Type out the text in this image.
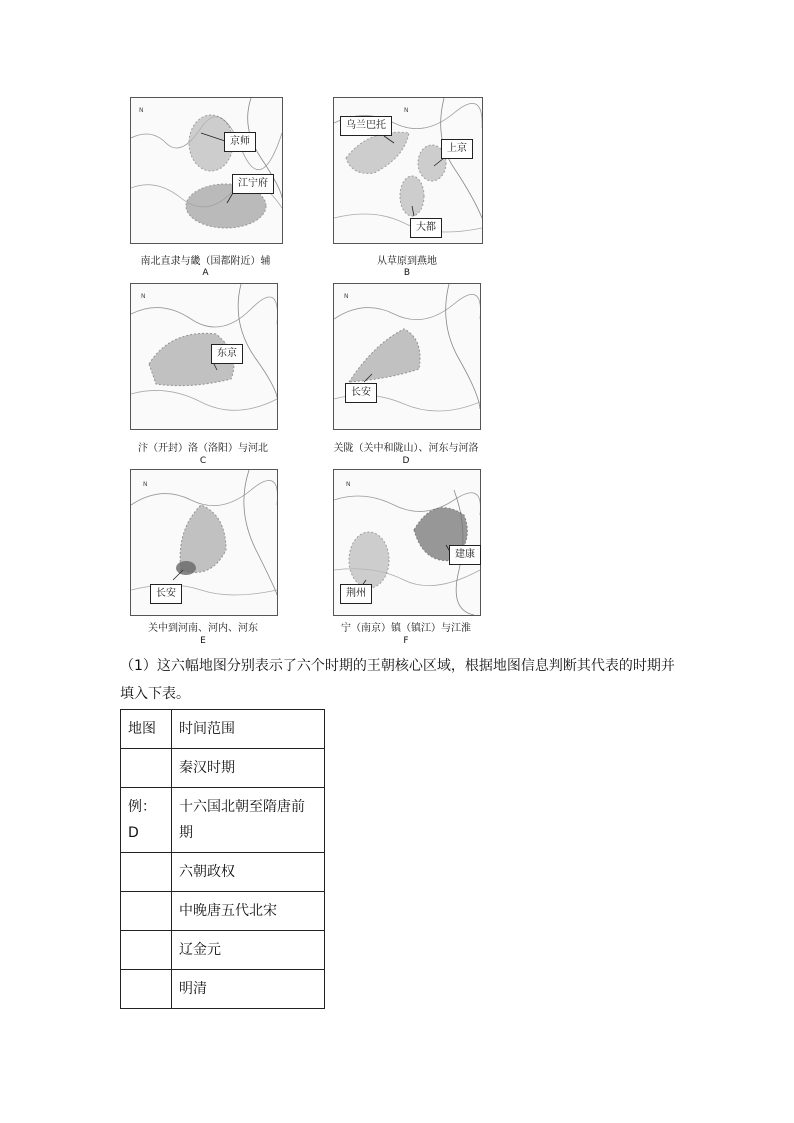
N
京师
江宁府
南北直隶与畿（国都附近）辅
A
N
乌兰巴托
上京
大都
从草原到燕地
B
N
东京
汴（开封）洛（洛阳）与河北
C
N
长安
关陇（关中和陇山）、河东与河洛
D
N
长安
关中到河南、河内、河东
E
N
建康
荆州
宁（南京）镇（镇江）与江淮
F
（1）这六幅地图分别表示了六个时期的王朝核心区域，根据地图信息判断其代表的时期并填入下表。
地图	时间范围
	秦汉时期
例：D	十六国北朝至隋唐前期
	六朝政权
	中晚唐五代北宋
	辽金元
	明清
